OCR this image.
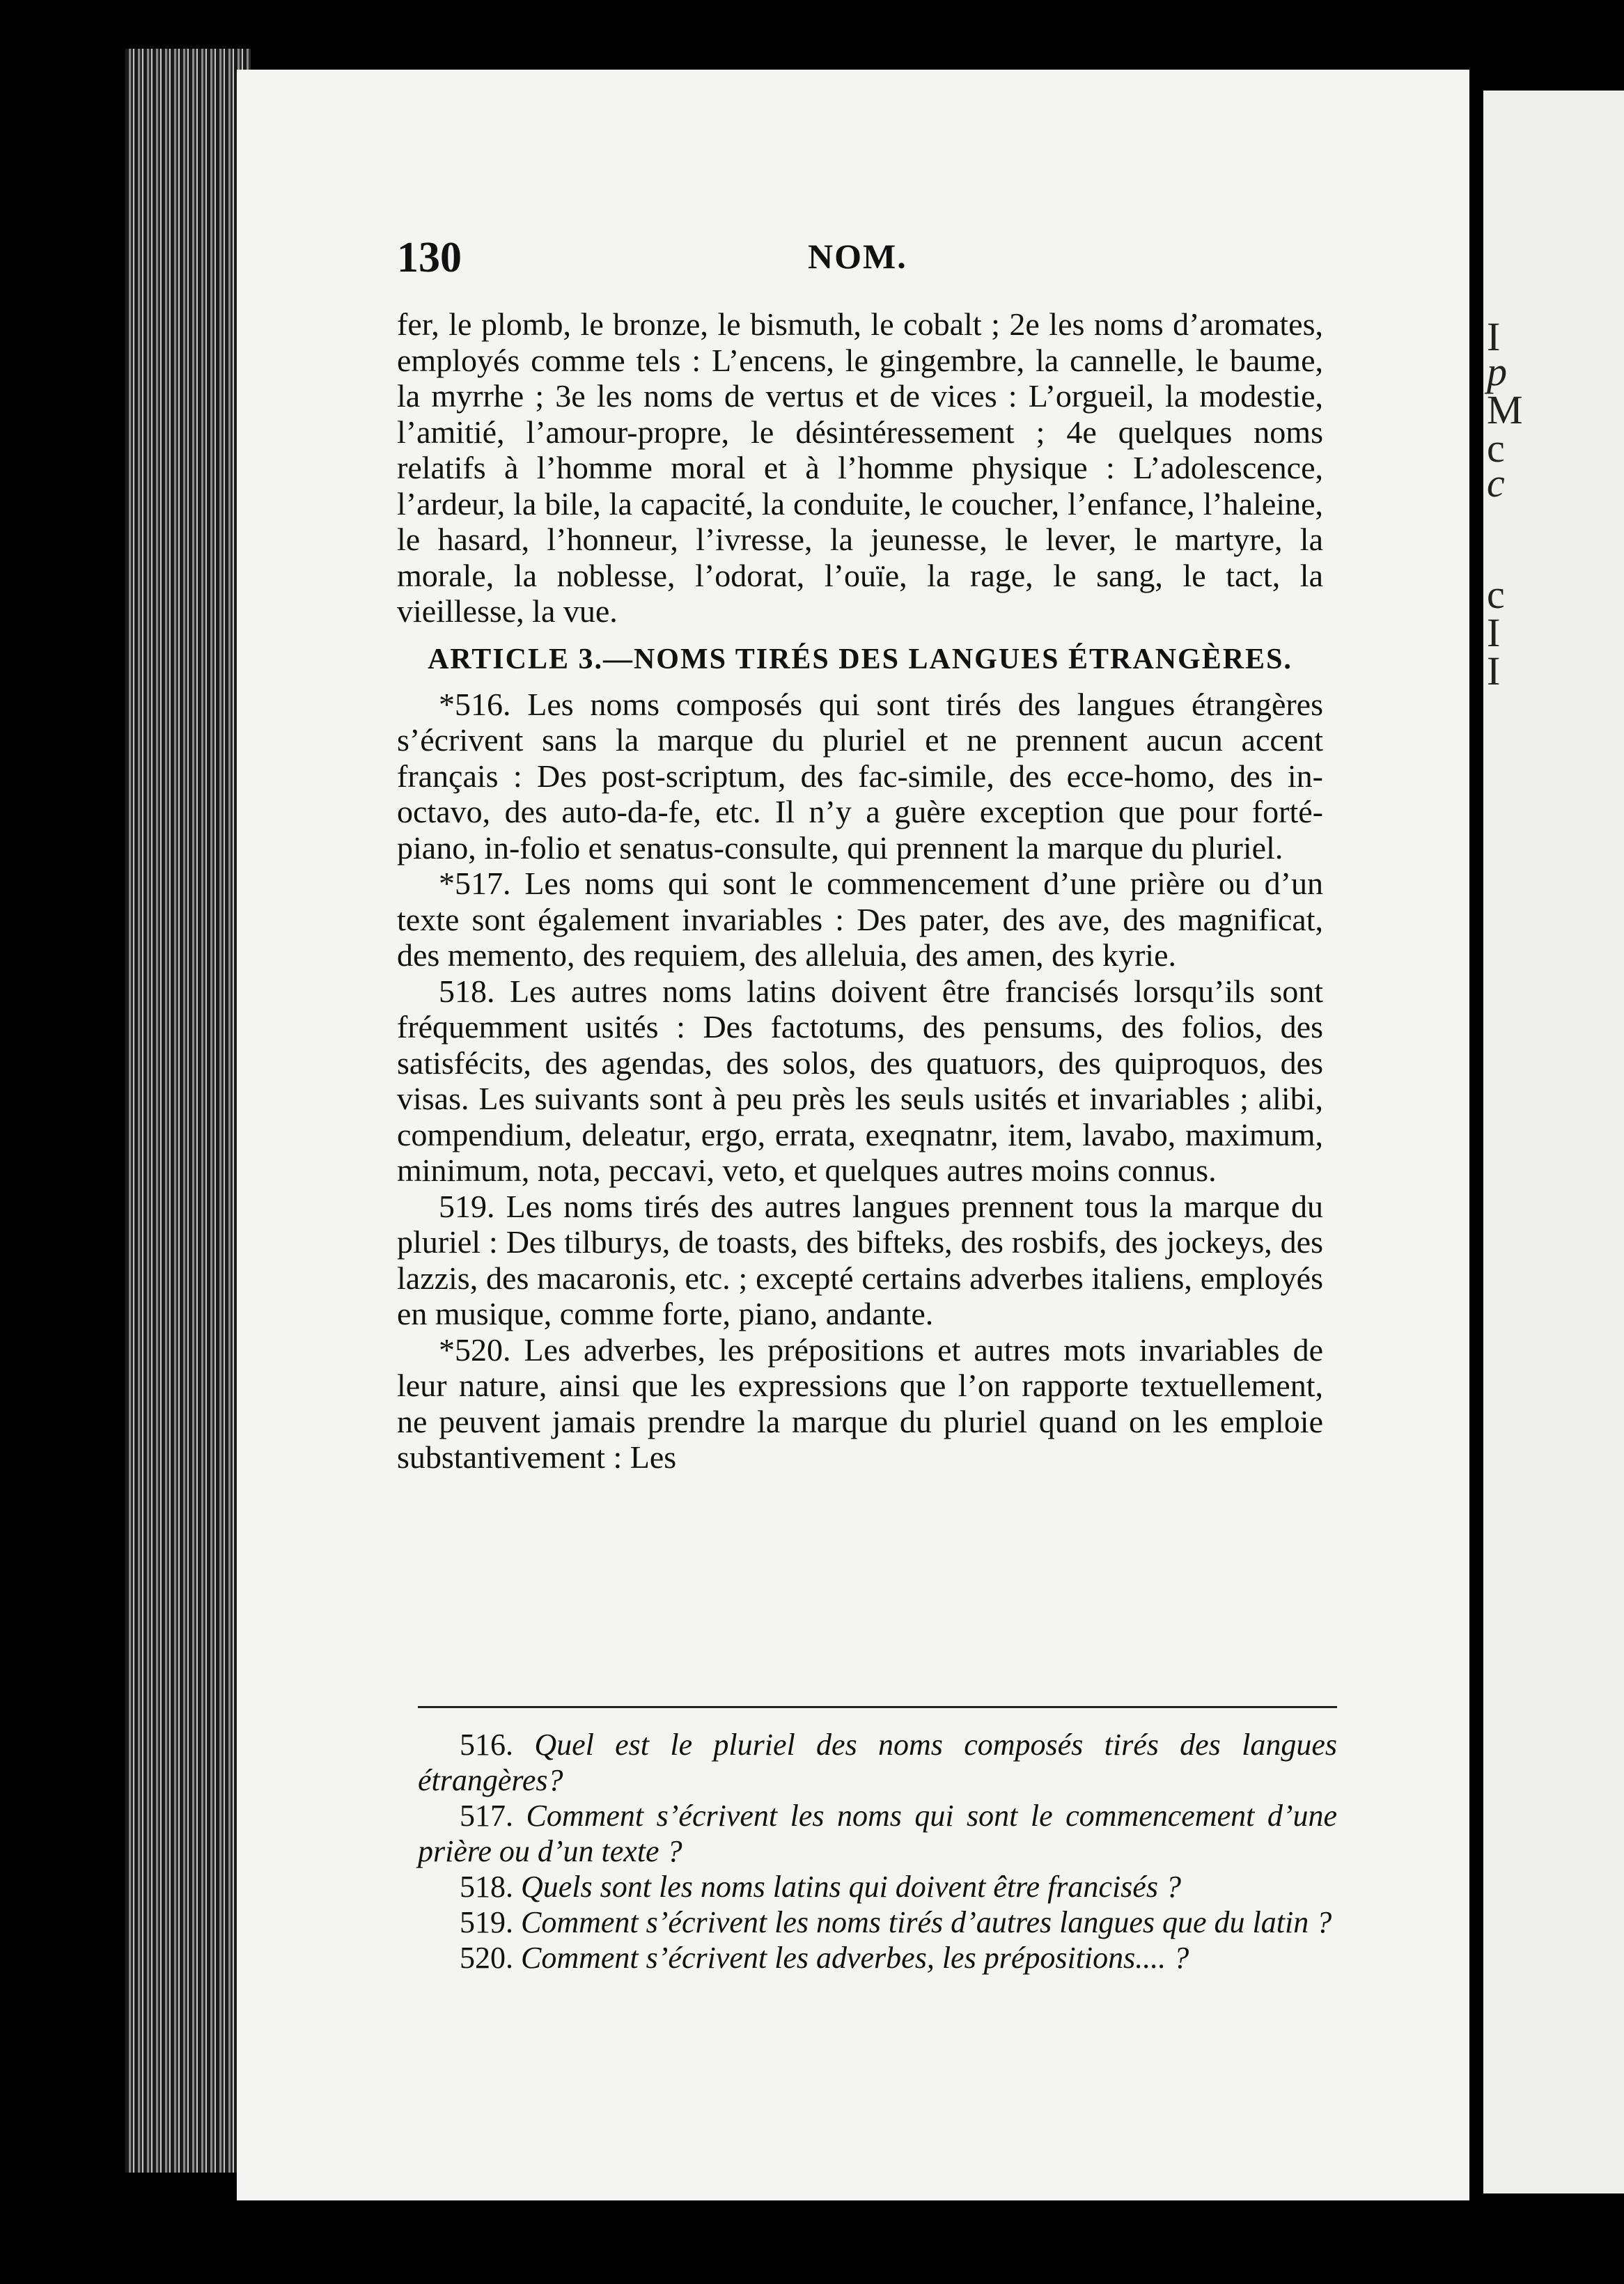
I
p
M
c
c
c
I
I
130	NOM.

fer, le plomb, le bronze, le bismuth, le cobalt ; 2e les noms d’aromates, employés comme tels : L’encens, le gingembre, la cannelle, le baume, la myrrhe ; 3e les noms de vertus et de vices : L’orgueil, la modestie, l’amitié, l’amour-propre, le désintéressement ; 4e quelques noms relatifs à l’homme moral et à l’homme physique : L’adolescence, l’ardeur, la bile, la capacité, la conduite, le coucher, l’enfance, l’haleine, le hasard, l’honneur, l’ivresse, la jeunesse, le lever, le martyre, la morale, la noblesse, l’odorat, l’ouïe, la rage, le sang, le tact, la vieillesse, la vue.

ARTICLE 3.—NOMS TIRÉS DES LANGUES ÉTRANGÈRES.

*516. Les noms composés qui sont tirés des langues étrangères s’écrivent sans la marque du pluriel et ne prennent aucun accent français : Des post-scriptum, des fac-simile, des ecce-homo, des in-octavo, des auto-da-fe, etc. Il n’y a guère exception que pour forté-piano, in-folio et senatus-consulte, qui prennent la marque du pluriel.

*517. Les noms qui sont le commencement d’une prière ou d’un texte sont également invariables : Des pater, des ave, des magnificat, des memento, des requiem, des alleluia, des amen, des kyrie.

518. Les autres noms latins doivent être francisés lorsqu’ils sont fréquemment usités : Des factotums, des pensums, des folios, des satisfécits, des agendas, des solos, des quatuors, des quiproquos, des visas. Les suivants sont à peu près les seuls usités et invariables ; alibi, compendium, deleatur, ergo, errata, exeqnatnr, item, lavabo, maximum, minimum, nota, peccavi, veto, et quelques autres moins connus.

519. Les noms tirés des autres langues prennent tous la marque du pluriel : Des tilburys, de toasts, des bifteks, des rosbifs, des jockeys, des lazzis, des macaronis, etc. ; excepté certains adverbes italiens, employés en musique, comme forte, piano, andante.

*520. Les adverbes, les prépositions et autres mots invariables de leur nature, ainsi que les expressions que l’on rapporte textuellement, ne peuvent jamais prendre la marque du pluriel quand on les emploie substantivement : Les

516. Quel est le pluriel des noms composés tirés des langues étrangères?

517. Comment s’écrivent les noms qui sont le commencement d’une prière ou d’un texte ?

518. Quels sont les noms latins qui doivent être francisés ?

519. Comment s’écrivent les noms tirés d’autres langues que du latin ?

520. Comment s’écrivent les adverbes, les prépositions.... ?
